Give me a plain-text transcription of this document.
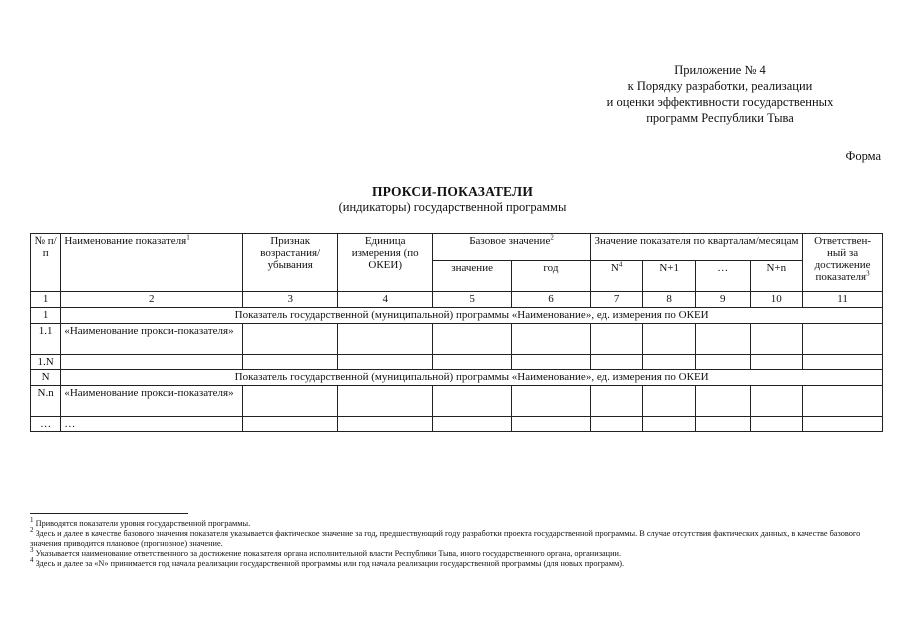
Приложение № 4
к Порядку разработки, реализации
и оценки эффективности государственных
программ Республики Тыва
Форма
ПРОКСИ-ПОКАЗАТЕЛИ
(индикаторы) государственной программы
№ п/п	Наименование показателя$^1$	Признак возрастания/ убывания	Единица измерения (по ОКЕИ)	Базовое значение$^2$		Значение показателя по кварталам/месяцам				Ответствен-ный за достижение показателя$^3$
				значение	год	$N^4$	N+1	…	N+n	
1	2	3	4	5	6	7	8	9	10	11
1	Показатель государственной (муниципальной) программы «Наименование», ед. измерения по ОКЕИ									
1.1	«Наименование прокси-показателя»									
1.N										
N	Показатель государственной (муниципальной) программы «Наименование», ед. измерения по ОКЕИ									
N.n	«Наименование прокси-показателя»									
…	…									

$^1$ Приводятся показатели уровня государственной программы.

$^2$ Здесь и далее в качестве базового значения показателя указывается фактическое значение за год, предшествующий году разработки проекта государственной программы. В случае отсутствия фактических данных, в качестве базового значения приводится плановое (прогнозное) значение.

$^3$ Указывается наименование ответственного за достижение показателя органа исполнительной власти Республики Тыва, иного государственного органа, организации.

$^4$ Здесь и далее за «N» принимается год начала реализации государственной программы или год начала реализации государственной программы (для новых программ).
